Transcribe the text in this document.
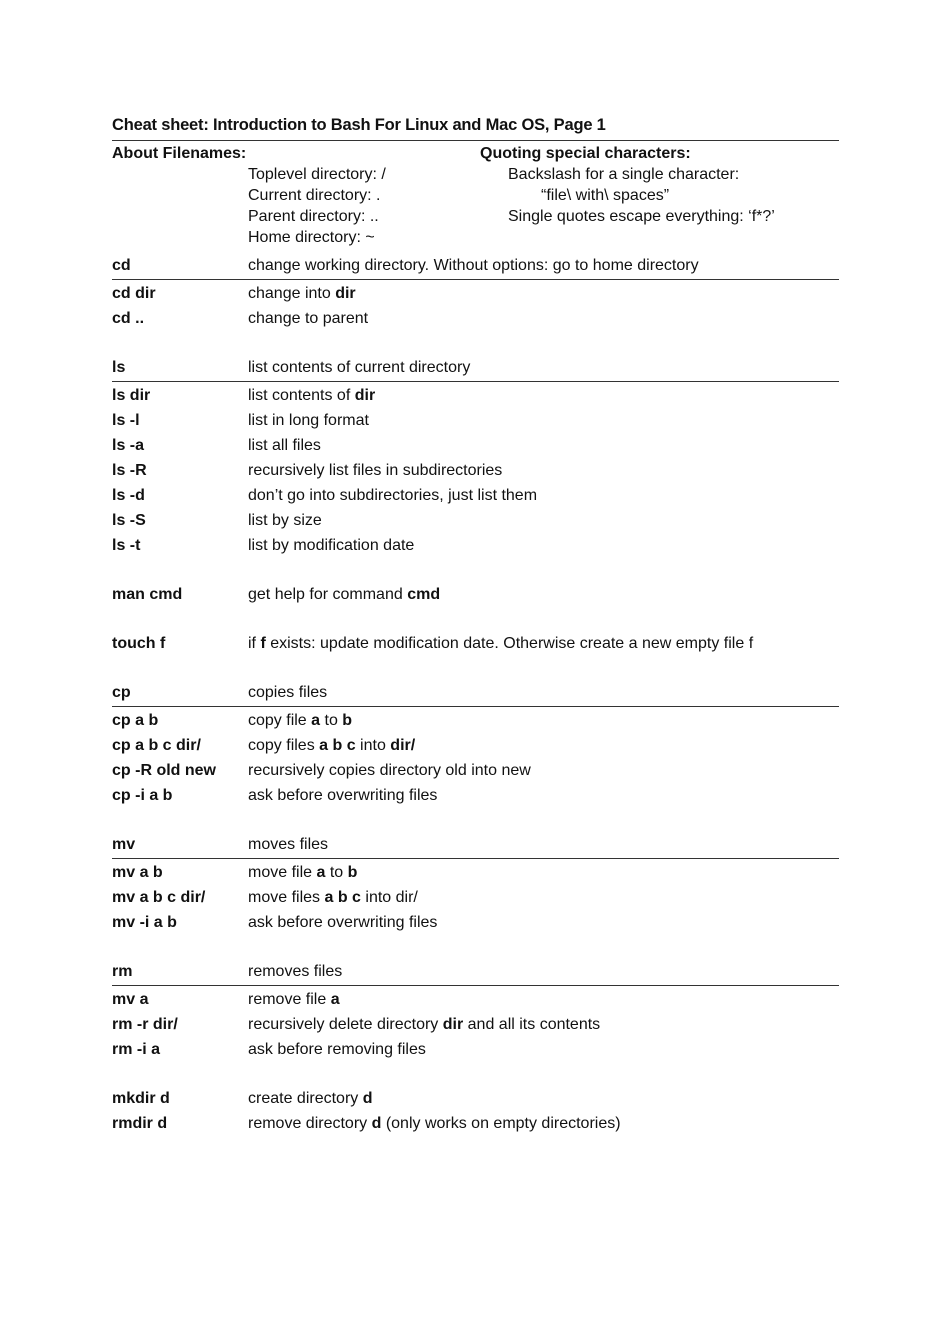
Cheat sheet: Introduction to Bash For Linux and Mac OS, Page 1
About Filenames:
Toplevel directory: /
Current directory: .
Parent directory: ..
Home directory: ~
Quoting special characters:
Backslash for a single character:
“file\ with\ spaces”
Single quotes escape everything: ‘f*?’
cd	change working directory. Without options: go to home directory
cd dir	change into dir
cd ..	change to parent
ls	list contents of current directory
ls dir	list contents of dir
ls -l	list in long format
ls -a	list all files
ls -R	recursively list files in subdirectories
ls -d	don’t go into subdirectories, just list them
ls -S	list by size
ls -t	list by modification date
man cmd	get help for command cmd
touch f	if f exists: update modification date. Otherwise create a new empty file f
cp	copies files
cp a b	copy file a to b
cp a b c dir/	copy files a b c into dir/
cp -R old new	recursively copies directory old into new
cp -i a b	ask before overwriting files
mv	moves files
mv a b	move file a to b
mv a b c dir/	move files a b c into dir/
mv -i a b	ask before overwriting files
rm	removes files
mv a	remove file a
rm -r dir/	recursively delete directory dir and all its contents
rm -i a	ask before removing files
mkdir d	create directory d
rmdir d	remove directory d (only works on empty directories)
